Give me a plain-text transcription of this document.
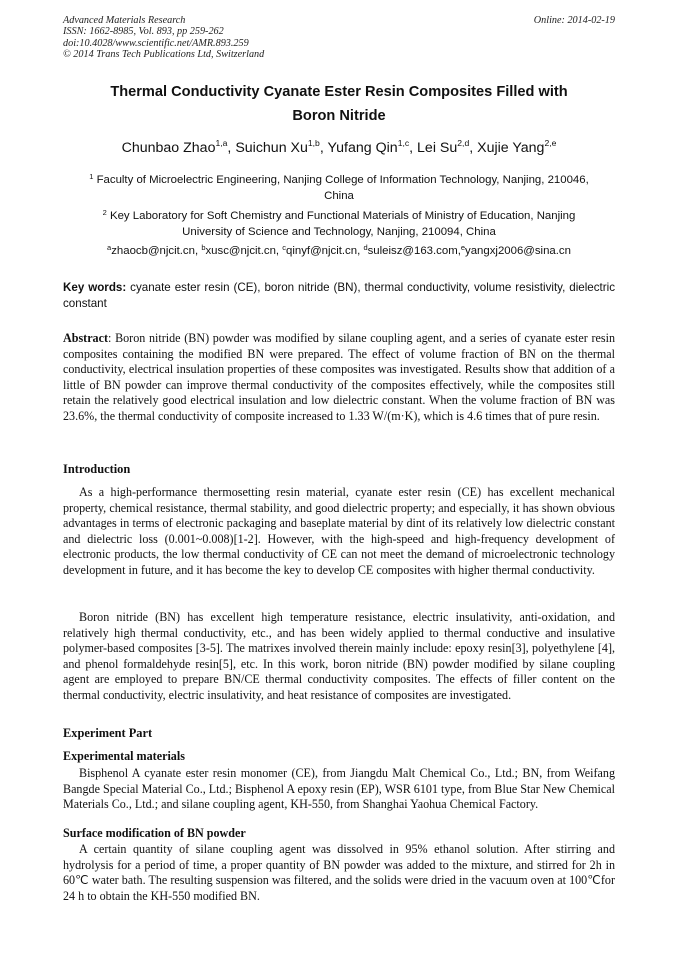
Advanced Materials Research
ISSN: 1662-8985, Vol. 893, pp 259-262
doi:10.4028/www.scientific.net/AMR.893.259
© 2014 Trans Tech Publications Ltd, Switzerland
Online: 2014-02-19
Thermal Conductivity Cyanate Ester Resin Composites Filled with
Boron Nitride
Chunbao Zhao$^{1,a}$, Suichun Xu$^{1,b}$, Yufang Qin$^{1,c}$, Lei Su$^{2,d}$, Xujie Yang$^{2,e}$
$^1$ Faculty of Microelectric Engineering, Nanjing College of Information Technology, Nanjing, 210046,
China
$^2$ Key Laboratory for Soft Chemistry and Functional Materials of Ministry of Education, Nanjing
University of Science and Technology, Nanjing, 210094, China
$^a$zhaocb@njcit.cn, $^b$xusc@njcit.cn, $^c$qinyf@njcit.cn, $^d$suleisz@163.com,$^e$yangxj2006@sina.cn
Key words: cyanate ester resin (CE), boron nitride (BN), thermal conductivity, volume resistivity, dielectric constant

Abstract: Boron nitride (BN) powder was modified by silane coupling agent, and a series of cyanate ester resin composites containing the modified BN were prepared. The effect of volume fraction of BN on the thermal conductivity, electrical insulation properties of these composites was investigated. Results show that addition of a little of BN powder can improve thermal conductivity of the composites effectively, while the composites still retain the relatively good electrical insulation and low dielectric constant. When the volume fraction of BN was 23.6%, the thermal conductivity of composite increased to 1.33 W/(m·K), which is 4.6 times that of pure resin.

Introduction

As a high-performance thermosetting resin material, cyanate ester resin (CE) has excellent mechanical property, chemical resistance, thermal stability, and good dielectric property; and especially, it has shown obvious advantages in terms of electronic packaging and baseplate material by dint of its relatively low dielectric constant and dielectric loss (0.001~0.008)[1-2]. However, with the high-speed and high-frequency development of electronic products, the low thermal conductivity of CE can not meet the demand of microelectronic technology development in future, and it has become the key to develop CE composites with higher thermal conductivity.

Boron nitride (BN) has excellent high temperature resistance, electric insulativity, anti-oxidation, and relatively high thermal conductivity, etc., and has been widely applied to thermal conductive and insulative polymer-based composites [3-5]. The matrixes involved therein mainly include: epoxy resin[3], polyethylene [4], and phenol formaldehyde resin[5], etc. In this work, boron nitride (BN) powder modified by silane coupling agent are employed to prepare BN/CE thermal conductivity composites. The effects of filler content on the thermal conductivity, electric insulativity, and heat resistance of composites are investigated.

Experiment Part
Experimental materials

Bisphenol A cyanate ester resin monomer (CE), from Jiangdu Malt Chemical Co., Ltd.; BN, from Weifang Bangde Special Material Co., Ltd.; Bisphenol A epoxy resin (EP), WSR 6101 type, from Blue Star New Chemical Materials Co., Ltd.; and silane coupling agent, KH-550, from Shanghai Yaohua Chemical Factory.

Surface modification of BN powder

A certain quantity of silane coupling agent was dissolved in 95% ethanol solution. After stirring and hydrolysis for a period of time, a proper quantity of BN powder was added to the mixture, and stirred for 2h in 60℃ water bath. The resulting suspension was filtered, and the solids were dried in the vacuum oven at 100℃for 24 h to obtain the KH-550 modified BN.
